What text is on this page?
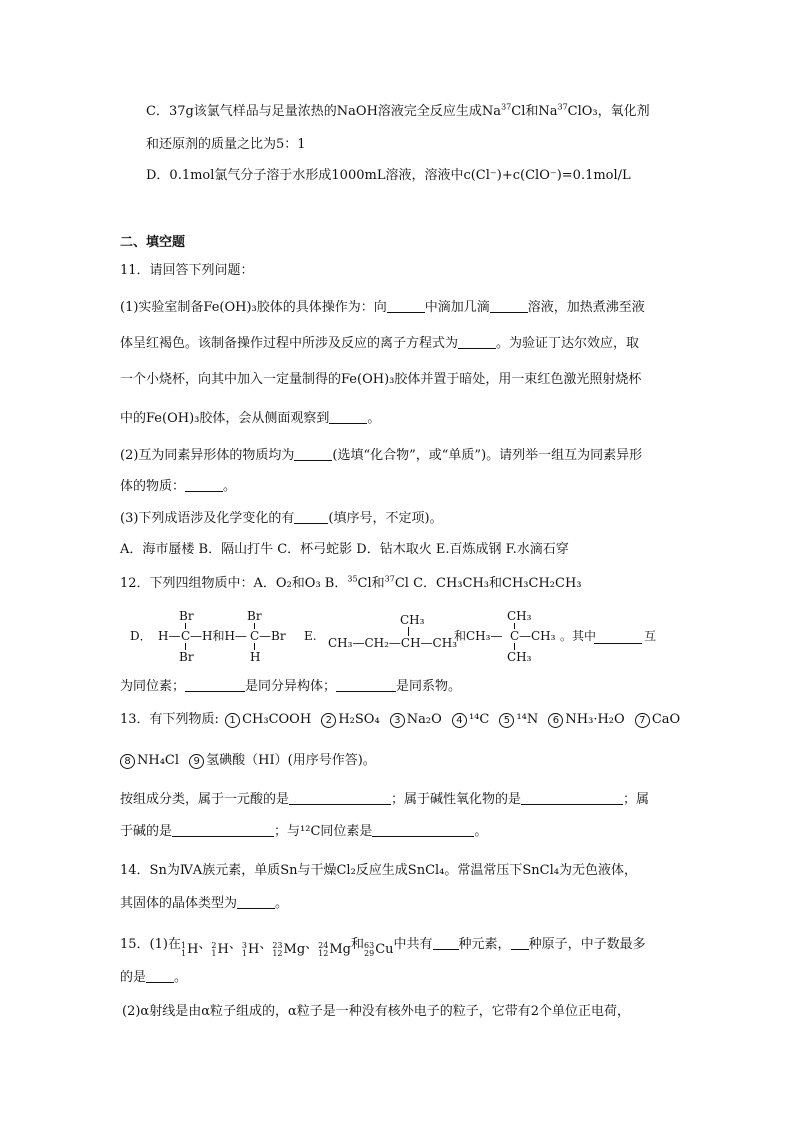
C．37g该氯气样品与足量浓热的NaOH溶液完全反应生成Na$^{37}$Cl和Na$^{37}$ClO₃，氧化剂
和还原剂的质量之比为5：1
D．0.1mol氯气分子溶于水形成1000mL溶液，溶液中c(Cl⁻)+c(ClO⁻)=0.1mol/L
二、填空题
11．请回答下列问题：
(1)实验室制备Fe(OH)₃胶体的具体操作为：向	中滴加几滴	溶液，加热煮沸至液
体呈红褐色。该制备操作过程中所涉及反应的离子方程式为	。为验证丁达尔效应，取
一个小烧杯，向其中加入一定量制得的Fe(OH)₃胶体并置于暗处，用一束红色激光照射烧杯
中的Fe(OH)₃胶体，会从侧面观察到	。
(2)互为同素异形体的物质均为	(选填“化合物”，或“单质”)。请列举一组互为同素异形
体的物质：	。
(3)下列成语涉及化学变化的有	(填序号，不定项)。
A．海市蜃楼 B．隔山打牛 C．杯弓蛇影 D．钻木取火 E.百炼成钢 F.水滴石穿
12．下列四组物质中：A．O₂和O₃ B．$^{35}$Cl和$^{37}$Cl C．CH₃CH₃和CH₃CH₂CH₃
D．
Br
H— C —H和H—
Br
Br
C —Br
H
E.
CH₃
CH₃—CH₂—CH—CH₃
和CH₃—
CH₃
C —CH₃
CH₃
。其中	互
为同位素；	是同分异构体；	是同系物。
13．有下列物质: 1 CH₃COOH 2 H₂SO₄ 3 Na₂O 4 ¹⁴C 5 ¹⁴N 6 NH₃·H₂O 7 CaO
8 NH₄Cl 9 氢碘酸（HI）(用序号作答)。
按组成分类，属于一元酸的是	；属于碱性氧化物的是	；属
于碱的是	；与¹²C同位素是	。
14．Sn为ⅣA族元素，单质Sn与干燥Cl₂反应生成SnCl₄。常温常压下SnCl₄为无色液体，
其固体的晶体类型为	。
15．(1)在 1
1 H 、 2
1 H 、 3
1 H 、 23
12 Mg 、 24
12 Mg 和 63
29 Cu 中共有 种元素， 种原子，中子数最多
的是 。
(2)α射线是由α粒子组成的，α粒子是一种没有核外电子的粒子，它带有2个单位正电荷，
